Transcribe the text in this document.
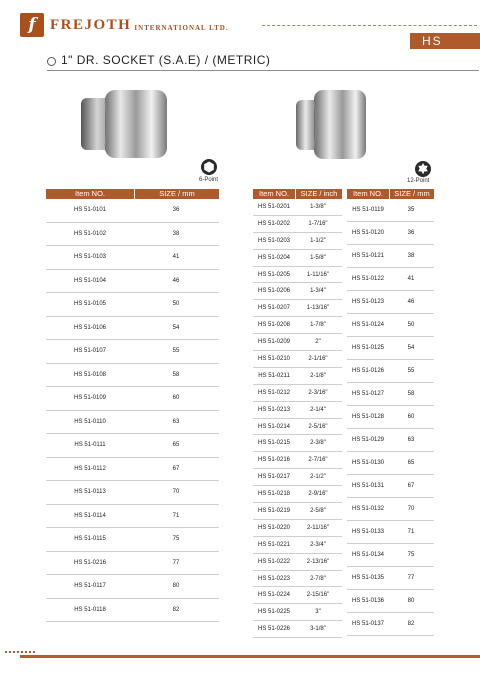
f FREJOTH INTERNATIONAL LTD.
HS
1" DR. SOCKET (S.A.E) / (METRIC)
6-Point	12-Point
Item NO.	SIZE / mm
HS 51-0101	36
HS 51-0102	38
HS 51-0103	41
HS 51-0104	46
HS 51-0105	50
HS 51-0106	54
HS 51-0107	55
HS 51-0108	58
HS 51-0109	60
HS 51-0110	63
HS 51-0111	65
HS 51-0112	67
HS 51-0113	70
HS 51-0114	71
HS 51-0115	75
HS 51-0216	77
HS 51-0117	80
HS 51-0118	82
Item NO.	SIZE / inch
HS 51-0201	1-3/8"
HS 51-0202	1-7/16"
HS 51-0203	1-1/2"
HS 51-0204	1-5/8"
HS 51-0205	1-11/16"
HS 51-0206	1-3/4"
HS 51-0207	1-13/16"
HS 51-0208	1-7/8"
HS 51-0209	2"
HS 51-0210	2-1/16"
HS 51-0211	2-1/8"
HS 51-0212	2-3/16"
HS 51-0213	2-1/4"
HS 51-0214	2-5/16"
HS 51-0215	2-3/8"
HS 51-0216	2-7/16"
HS 51-0217	2-1/2"
HS 51-0218	2-9/16"
HS 51-0219	2-5/8"
HS 51-0220	2-11/16"
HS 51-0221	2-3/4"
HS 51-0222	2-13/16"
HS 51-0223	2-7/8"
HS 51-0224	2-15/16"
HS 51-0225	3"
HS 51-0226	3-1/8"
Item NO.	SIZE / mm
HS 51-0119	35
HS 51-0120	36
HS 51-0121	38
HS 51-0122	41
HS 51-0123	46
HS 51-0124	50
HS 51-0125	54
HS 51-0126	55
HS 51-0127	58
HS 51-0128	60
HS 51-0129	63
HS 51-0130	65
HS 51-0131	67
HS 51-0132	70
HS 51-0133	71
HS 51-0134	75
HS 51-0135	77
HS 51-0136	80
HS 51-0137	82
